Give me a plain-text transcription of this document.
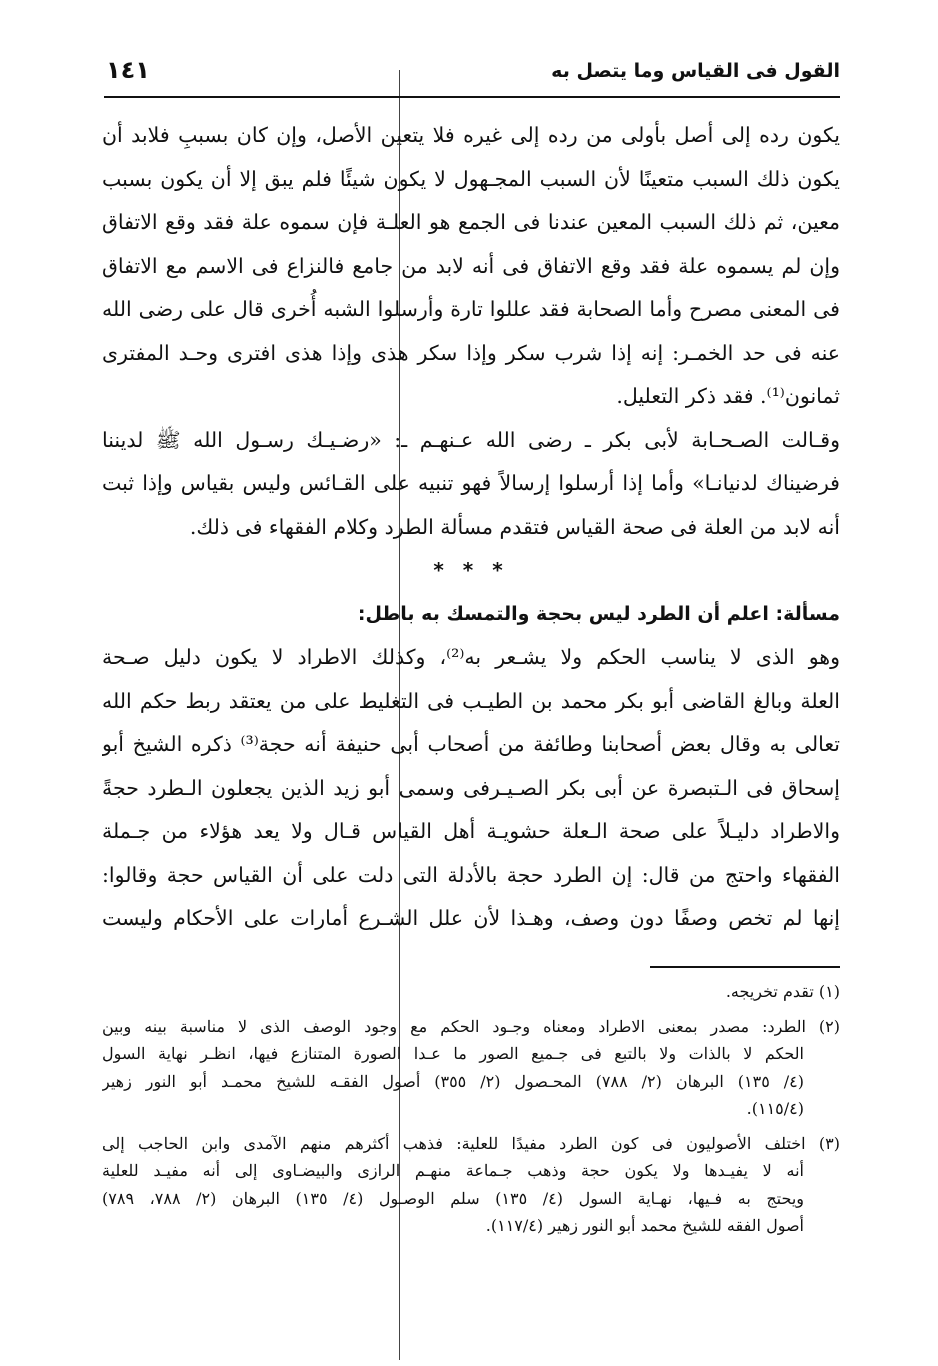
القول فى القياس وما يتصل به
١٤١
يكون رده إلى أصل بأولى من رده إلى غيره فلا يتعين الأصل، وإن كان بسببِ فلابد أن
يكون ذلك السبب متعينًا لأن السبب المجـهول لا يكون شيئًا فلم يبق إلا أن يكون بسبب
معين، ثم ذلك السبب المعين عندنا فى الجمع هو العلـة فإن سموه علة فقد وقع الاتفاق
وإن لم يسموه علة فقد وقع الاتفاق فى أنه لابد من جامع فالنزاع فى الاسم مع الاتفاق
فى المعنى مصرح وأما الصحابة فقد عللوا تارة وأرسلوا الشبه أُخرى قال على رضى الله
عنه فى حد الخمـر: إنه إذا شرب سكر وإذا سكر هذى وإذا هذى افترى وحـد المفترى
ثمانون⁽¹⁾. فقد ذكر التعليل.
وقـالت الصـحـابة لأبى بكر ـ رضى الله عـنهـم ـ: «رضـيـك رسـول الله ﷺ لديننا
فرضيناك لدنيانـا» وأما إذا أرسلوا إرسالاً فهو تنبيه على القـائس وليس بقياس وإذا ثبت
أنه لابد من العلة فى صحة القياس فتقدم مسألة الطرد وكلام الفقهاء فى ذلك.
* * *
مسألة: اعلم أن الطرد ليس بحجة والتمسك به باطل:
وهو الذى لا يناسب الحكم ولا يشـعر به⁽²⁾، وكذلك الاطراد لا يكون دليل صـحة
العلة وبالغ القاضى أبو بكر محمد بن الطيـب فى التغليط على من يعتقد ربط حكم الله
تعالى به وقال بعض أصحابنا وطائفة من أصحاب أبى حنيفة أنه حجة⁽³⁾ ذكره الشيخ أبو
إسحاق فى الـتبصرة عن أبى بكر الصـيـرفى وسمى أبو زيد الذين يجعلون الـطرد حجةً
والاطراد دليـلاً على صحة الـعلة حشويـة أهل القياس قـال ولا يعد هؤلاء من جـملة
الفقهاء واحتج من قال: إن الطرد حجة بالأدلة التى دلت على أن القياس حجة وقالوا:
إنها لم تخص وصفًا دون وصف، وهـذا لأن علل الشـرع أمارات على الأحكام وليست
(١) تقدم تخريجه.
(٢) الطرد: مصدر بمعنى الاطراد ومعناه وجـود الحكم مع وجود الوصف الذى لا مناسبة بينه وبين
الحكم لا بالذات ولا بالتبع فى جـميع الصور ما عـدا الصورة المتنازع فيها، انظـر نهاية السول
(٤/ ١٣٥) البرهان (٢/ ٧٨٨) المحـصول (٢/ ٣٥٥) أصول الفقـه للشيخ محمـد أبو النور زهير
(١١٥/٤).
(٣) اختلف الأصوليون فى كون الطرد مفيدًا للعلية: فذهب أكثرهم منهم الآمدى وابن الحاجب إلى
أنه لا يفيـدها ولا يكون حجة وذهب جـماعة منهـم الرازى والبيضـاوى إلى أنه مفيـد للعلية
ويحتج به فـيها، نهـاية السول (٤/ ١٣٥) سلم الوصـول (٤/ ١٣٥) البرهان (٢/ ٧٨٨، ٧٨٩)
أصول الفقه للشيخ محمد أبو النور زهير (١١٧/٤).
